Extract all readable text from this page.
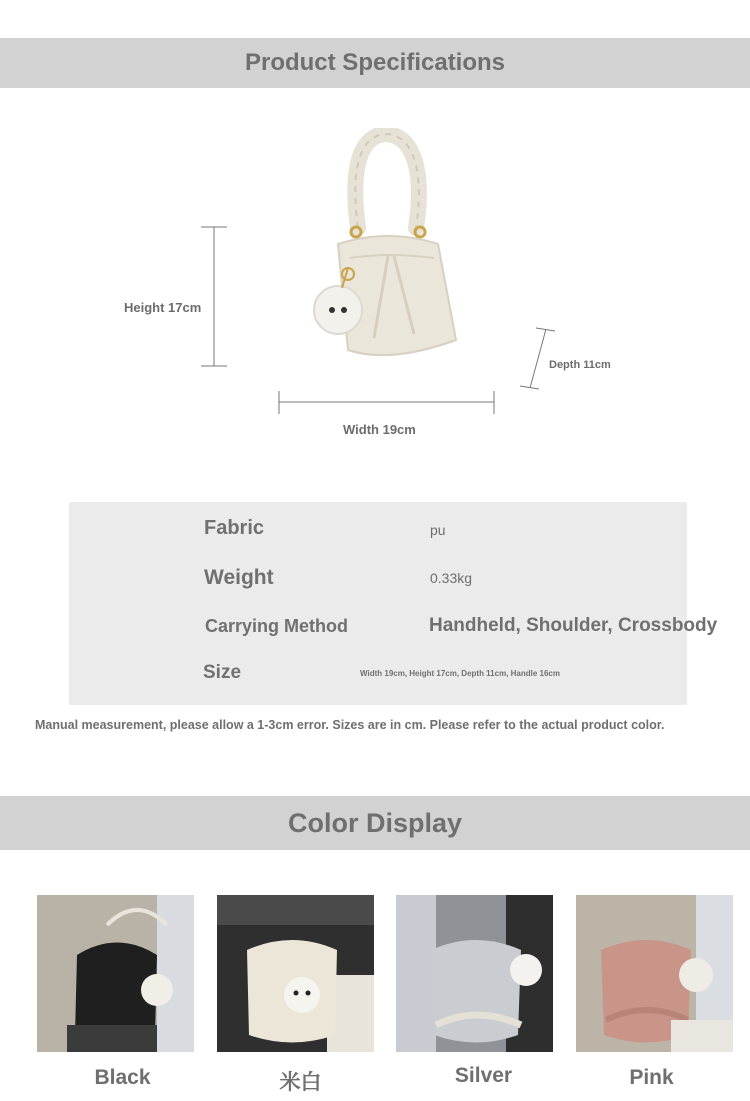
Product Specifications
Height 17cm
Width 19cm
Depth 11cm
Fabric	pu
Weight	0.33kg
Carrying Method	Handheld, Shoulder, Crossbody
Size	Width 19cm, Height 17cm, Depth 11cm, Handle 16cm
Manual measurement, please allow a 1-3cm error. Sizes are in cm. Please refer to the actual product color.
Color Display
Black	米白	Silver	Pink
